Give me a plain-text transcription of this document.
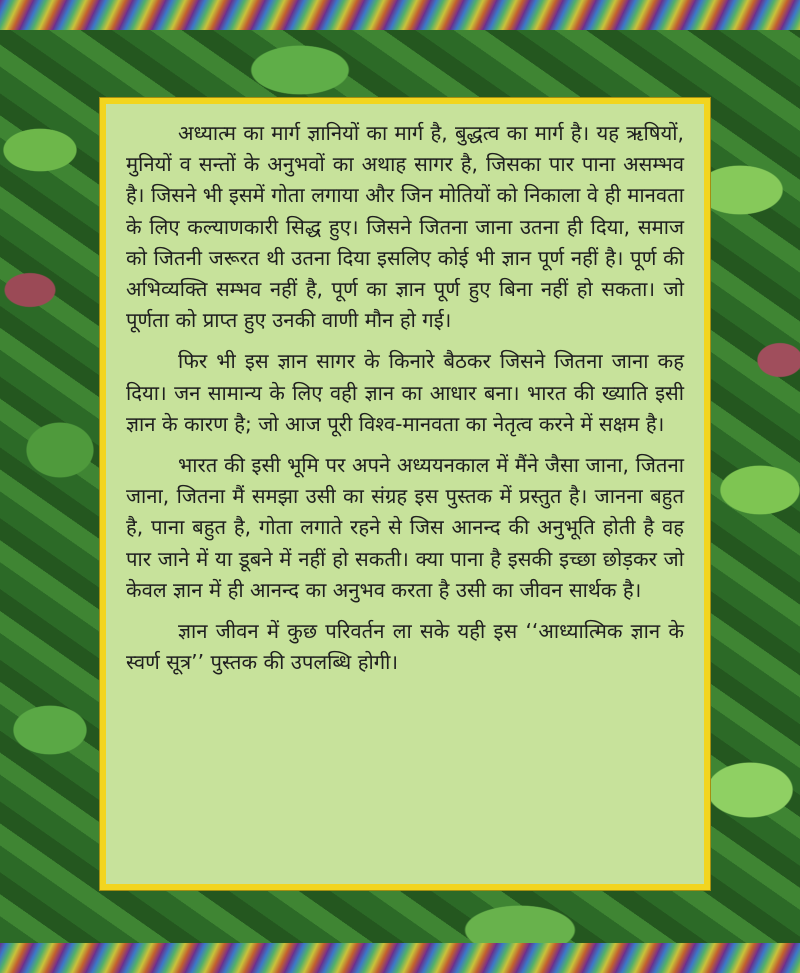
अध्यात्म का मार्ग ज्ञानियों का मार्ग है, बुद्धत्व का मार्ग है। यह ऋषियों, मुनियों व सन्तों के अनुभवों का अथाह सागर है, जिसका पार पाना असम्भव है। जिसने भी इसमें गोता लगाया और जिन मोतियों को निकाला वे ही मानवता के लिए कल्याणकारी सिद्ध हुए। जिसने जितना जाना उतना ही दिया, समाज को जितनी जरूरत थी उतना दिया इसलिए कोई भी ज्ञान पूर्ण नहीं है। पूर्ण की अभिव्यक्ति सम्भव नहीं है, पूर्ण का ज्ञान पूर्ण हुए बिना नहीं हो सकता। जो पूर्णता को प्राप्त हुए उनकी वाणी मौन हो गई।

फिर भी इस ज्ञान सागर के किनारे बैठकर जिसने जितना जाना कह दिया। जन सामान्य के लिए वही ज्ञान का आधार बना। भारत की ख्याति इसी ज्ञान के कारण है; जो आज पूरी विश्व-मानवता का नेतृत्व करने में सक्षम है।

भारत की इसी भूमि पर अपने अध्ययनकाल में मैंने जैसा जाना, जितना जाना, जितना मैं समझा उसी का संग्रह इस पुस्तक में प्रस्तुत है। जानना बहुत है, पाना बहुत है, गोता लगाते रहने से जिस आनन्द की अनुभूति होती है वह पार जाने में या डूबने में नहीं हो सकती। क्या पाना है इसकी इच्छा छोड़कर जो केवल ज्ञान में ही आनन्द का अनुभव करता है उसी का जीवन सार्थक है।

ज्ञान जीवन में कुछ परिवर्तन ला सके यही इस ‘‘आध्यात्मिक ज्ञान के स्वर्ण सूत्र’’ पुस्तक की उपलब्धि होगी।
